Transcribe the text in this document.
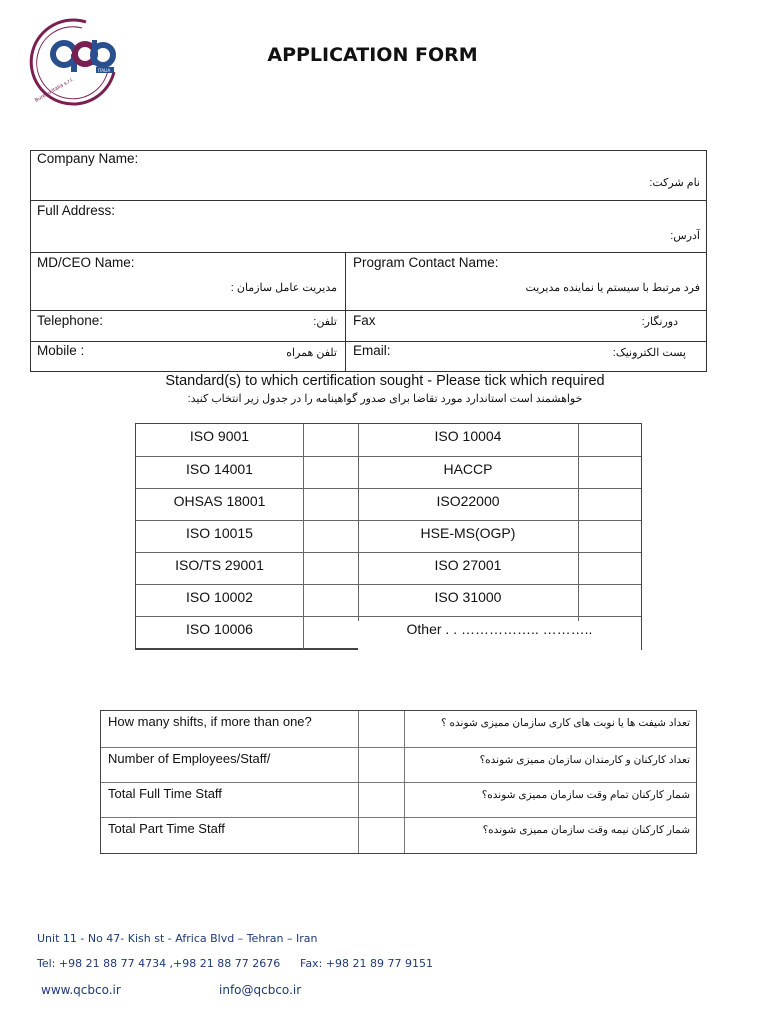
ITALIA
Bureau Italia s.r.l.
APPLICATION FORM
Company Name:
نام شرکت:
Full Address:
آدرس:
MD/CEO Name:
مدیریت عامل سازمان :
Program Contact Name:
فرد مرتبط با سیستم یا نماینده مدیریت
Telephone:	تلفن: Fax	دورنگار:
Mobile :	تلفن همراه Email:	پست الکترونیک:
Standard(s) to which certification sought - Please tick which required
خواهشمند است استاندارد مورد تقاضا برای صدور گواهینامه را در جدول زیر انتخاب کنید:
ISO 9001	ISO 10004
ISO 14001	HACCP
OHSAS 18001	ISO22000
ISO 10015	HSE-MS(OGP)
ISO/TS 29001	ISO 27001
ISO 10002	ISO 31000
ISO 10006	Other . . …………….. ………..
How many shifts, if more than one?	تعداد شیفت ها یا نوبت های کاری سازمان ممیزی شونده ؟
Number of Employees/Staff/	تعداد کارکنان و کارمندان سازمان ممیزی شونده؟
Total Full Time Staff	شمار کارکنان تمام وقت سازمان ممیزی شونده؟
Total Part Time Staff	شمار کارکنان نیمه وقت سازمان ممیزی شونده؟
Unit 11 - No 47- Kish st - Africa Blvd – Tehran – Iran
Tel: +98 21 88 77 4734 ,+98 21 88 77 2676 Fax: +98 21 89 77 9151
www.qcbco.ir	info@qcbco.ir
